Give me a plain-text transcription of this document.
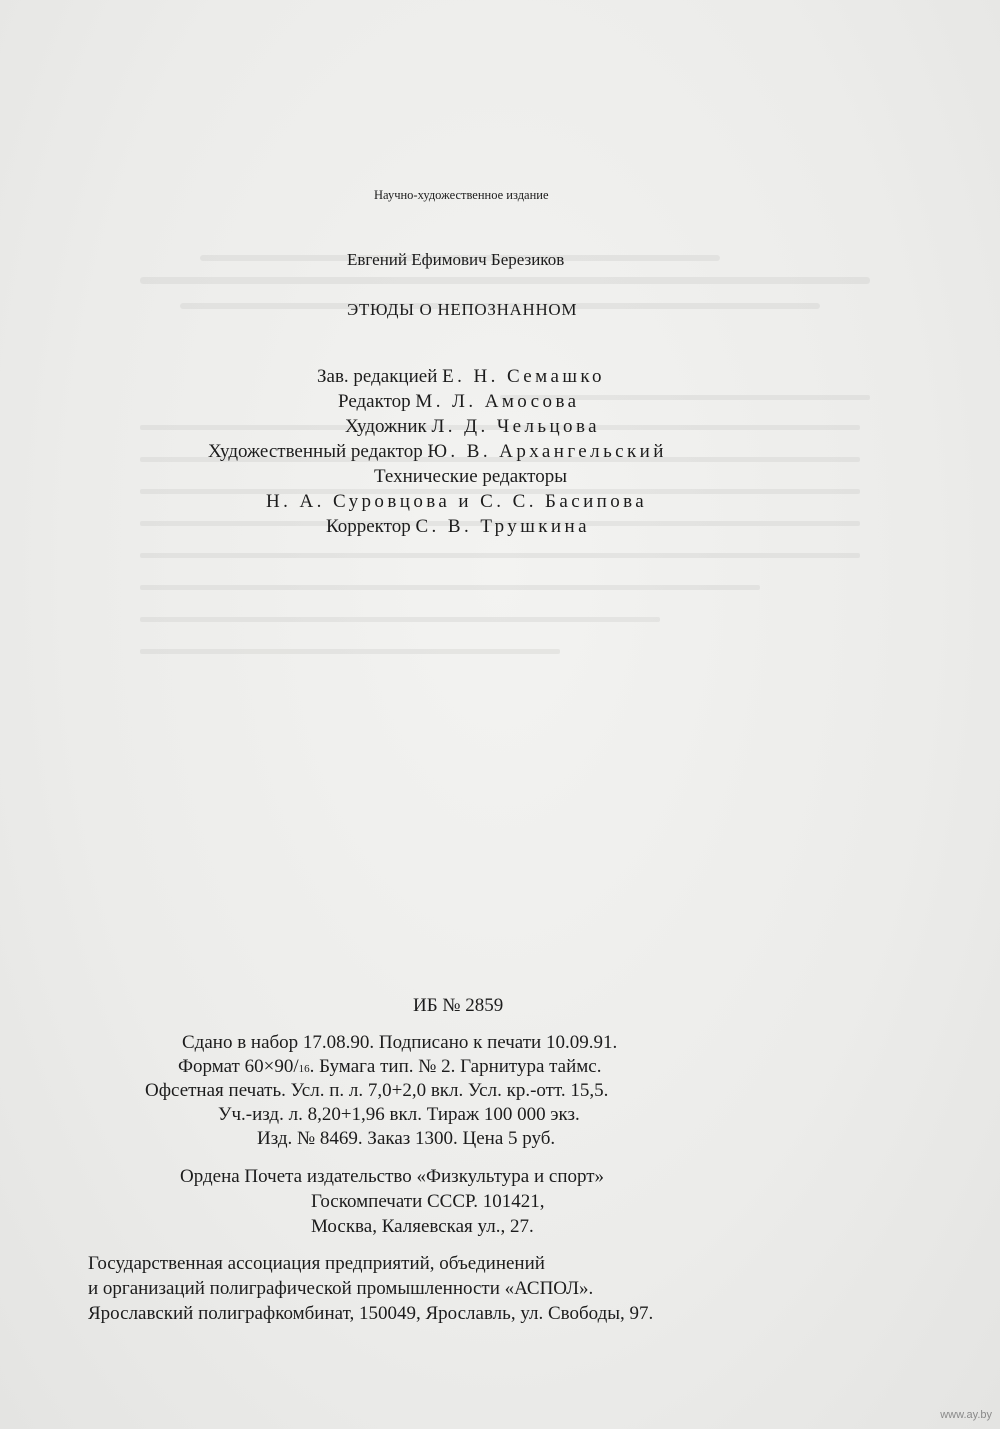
Научно-художественное издание
Евгений Ефимович Березиков
ЭТЮДЫ О НЕПОЗНАННОМ
Зав. редакцией Е. Н. Семашко
Редактор М. Л. Амосова
Художник Л. Д. Чельцова
Художественный редактор Ю. В. Архангельский
Технические редакторы
Н. А. Суровцова и С. С. Басипова
Корректор С. В. Трушкина
ИБ № 2859
Сдано в набор 17.08.90. Подписано к печати 10.09.91.
Формат 60×90/16. Бумага тип. № 2. Гарнитура таймс.
Офсетная печать. Усл. п. л. 7,0+2,0 вкл. Усл. кр.-отт. 15,5.
Уч.-изд. л. 8,20+1,96 вкл. Тираж 100 000 экз.
Изд. № 8469. Заказ 1300. Цена 5 руб.
Ордена Почета издательство «Физкультура и спорт»
Госкомпечати СССР. 101421,
Москва, Каляевская ул., 27.
Государственная ассоциация предприятий, объединений
и организаций полиграфической промышленности «АСПОЛ».
Ярославский полиграфкомбинат, 150049, Ярославль, ул. Свободы, 97.
www.ay.by
